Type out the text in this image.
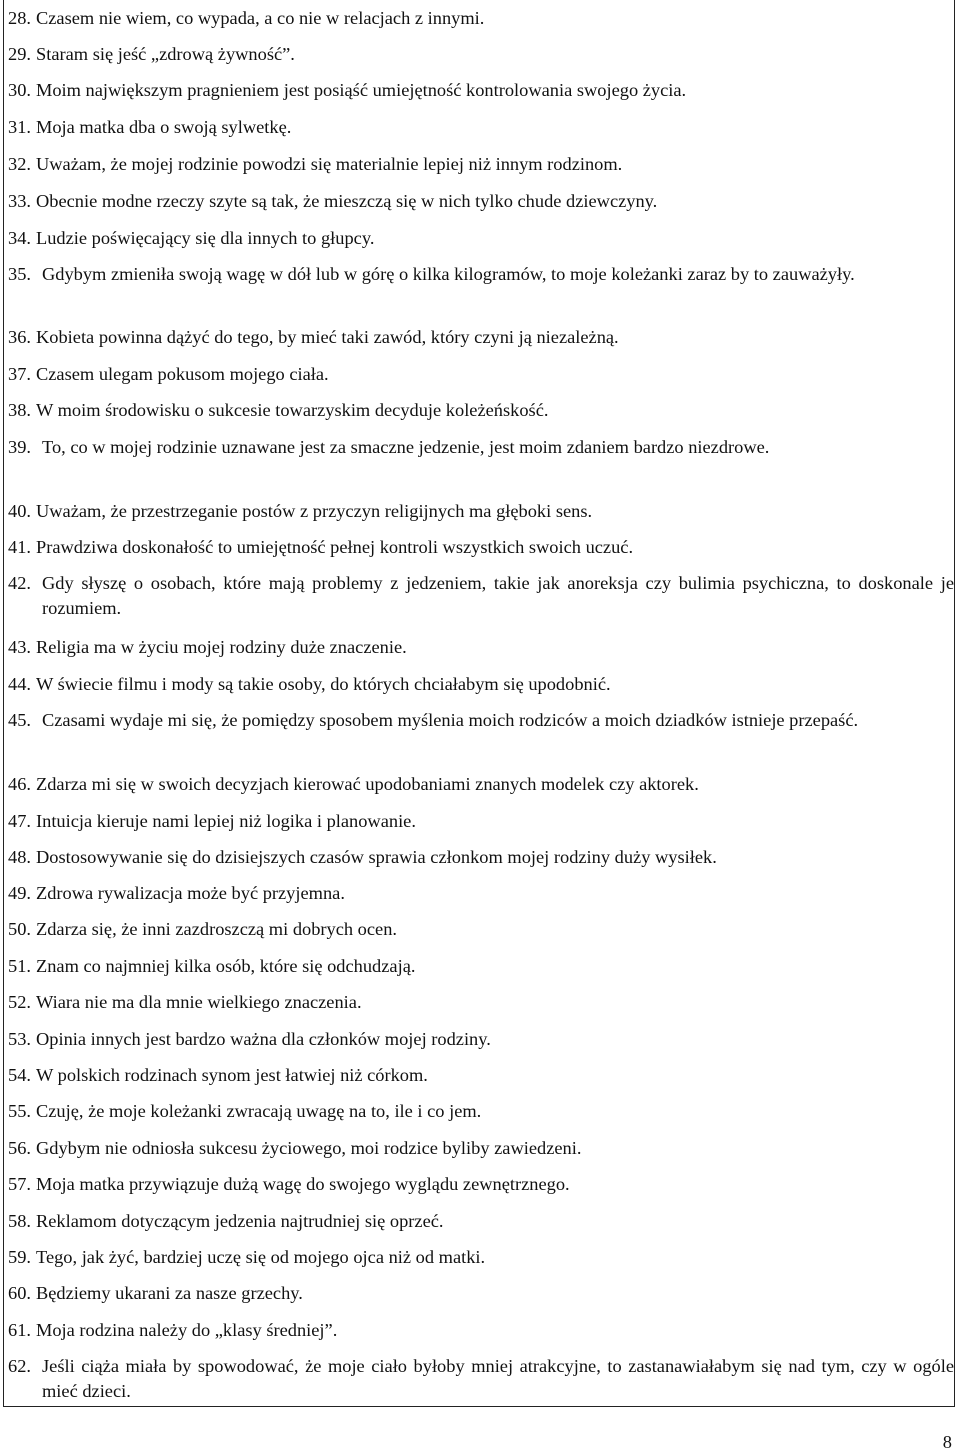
28. Czasem nie wiem, co wypada, a co nie w relacjach z innymi.
29. Staram się jeść „zdrową żywność”.
30. Moim największym pragnieniem jest posiąść umiejętność kontrolowania swojego życia.
31. Moja matka dba o swoją sylwetkę.
32. Uważam, że mojej rodzinie powodzi się materialnie lepiej niż innym rodzinom.
33. Obecnie modne rzeczy szyte są tak, że mieszczą się w nich tylko chude dziewczyny.
34. Ludzie poświęcający się dla innych to głupcy.
35. Gdybym zmieniła swoją wagę w dół lub w górę o kilka kilogramów, to moje koleżanki zaraz by to zauważyły.
36. Kobieta powinna dążyć do tego, by mieć taki zawód, który czyni ją niezależną.
37. Czasem ulegam pokusom mojego ciała.
38. W moim środowisku o sukcesie towarzyskim decyduje koleżeńskość.
39. To, co w mojej rodzinie uznawane jest za smaczne jedzenie, jest moim zdaniem bardzo niezdrowe.
40. Uważam, że przestrzeganie postów z przyczyn religijnych ma głęboki sens.
41. Prawdziwa doskonałość to umiejętność pełnej kontroli wszystkich swoich uczuć.
42. Gdy słyszę o osobach, które mają problemy z jedzeniem, takie jak anoreksja czy bulimia psychiczna, to doskonale je rozumiem.
43. Religia ma w życiu mojej rodziny duże znaczenie.
44. W świecie filmu i mody są takie osoby, do których chciałabym się upodobnić.
45. Czasami wydaje mi się, że pomiędzy sposobem myślenia moich rodziców a moich dziadków istnieje przepaść.
46. Zdarza mi się w swoich decyzjach kierować upodobaniami znanych modelek czy aktorek.
47. Intuicja kieruje nami lepiej niż logika i planowanie.
48. Dostosowywanie się do dzisiejszych czasów sprawia członkom mojej rodziny duży wysiłek.
49. Zdrowa rywalizacja może być przyjemna.
50. Zdarza się, że inni zazdroszczą mi dobrych ocen.
51. Znam co najmniej kilka osób, które się odchudzają.
52. Wiara nie ma dla mnie wielkiego znaczenia.
53. Opinia innych jest bardzo ważna dla członków mojej rodziny.
54. W polskich rodzinach synom jest łatwiej niż córkom.
55. Czuję, że moje koleżanki zwracają uwagę na to, ile i co jem.
56. Gdybym nie odniosła sukcesu życiowego, moi rodzice byliby zawiedzeni.
57. Moja matka przywiązuje dużą wagę do swojego wyglądu zewnętrznego.
58. Reklamom dotyczącym jedzenia najtrudniej się oprzeć.
59. Tego, jak żyć, bardziej uczę się od mojego ojca niż od matki.
60. Będziemy ukarani za nasze grzechy.
61. Moja rodzina należy do „klasy średniej”.
62. Jeśli ciąża miała by spowodować, że moje ciało byłoby mniej atrakcyjne, to zastanawiałabym się nad tym, czy w ogóle mieć dzieci.
8
